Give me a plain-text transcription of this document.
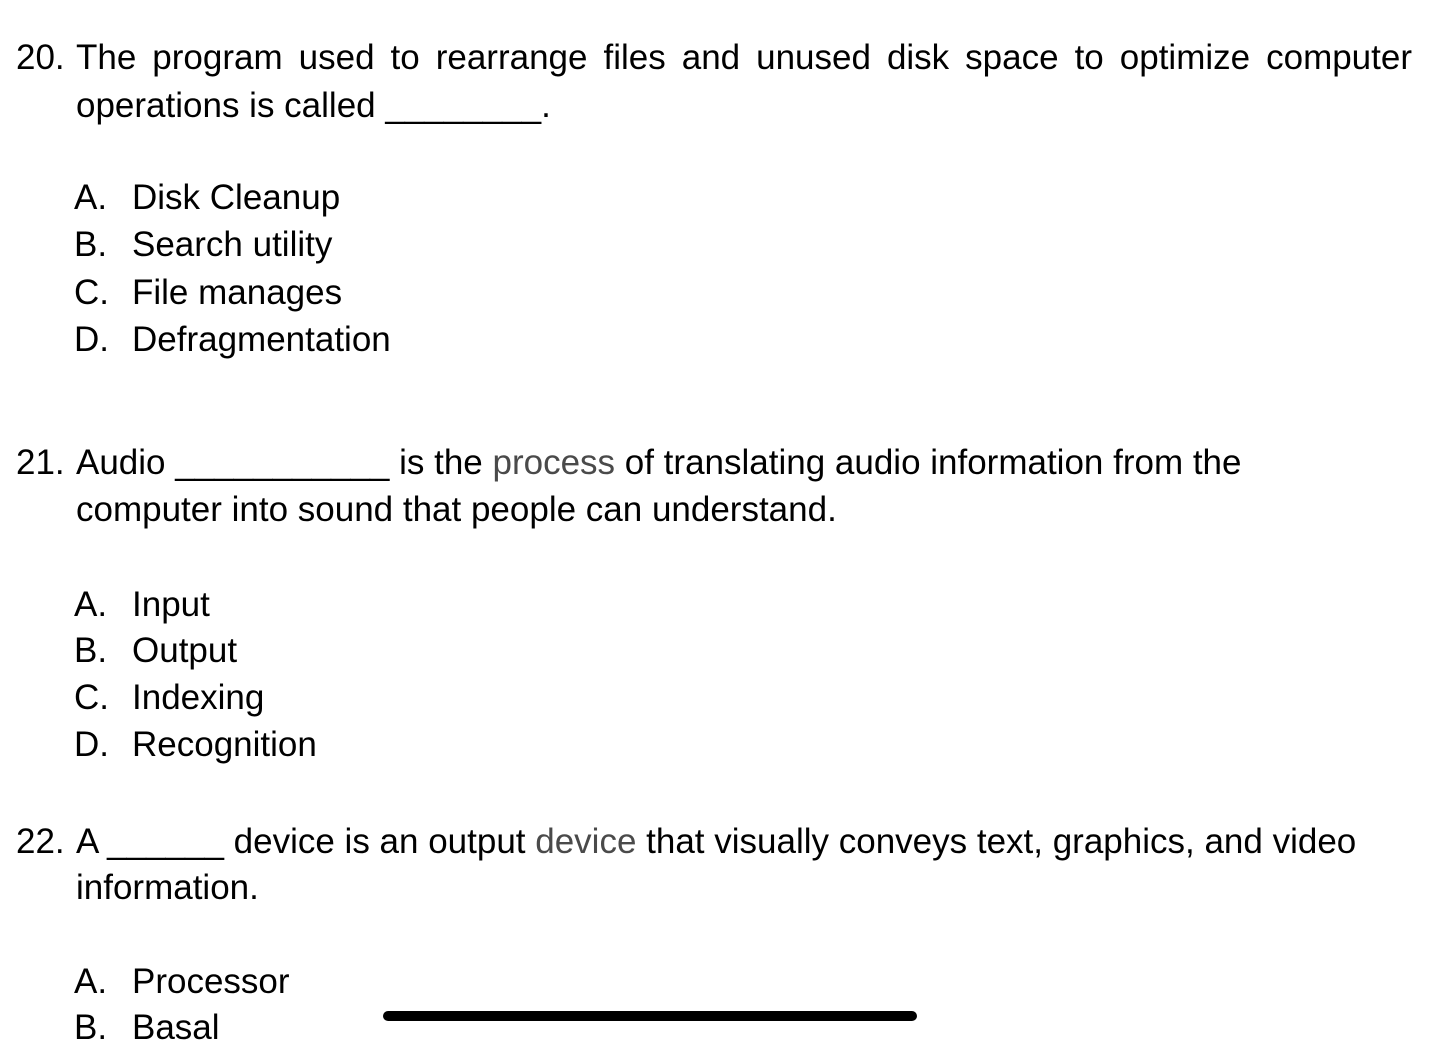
20. The program used to rearrange files and unused disk space to optimize computer
operations is called ________.
A. Disk Cleanup
B. Search utility
C. File manages
D. Defragmentation
21. Audio ___________ is the process of translating audio information from the
computer into sound that people can understand.
A. Input
B. Output
C. Indexing
D. Recognition
22. A ______ device is an output device that visually conveys text, graphics, and video
information.
A. Processor
B. Basal
